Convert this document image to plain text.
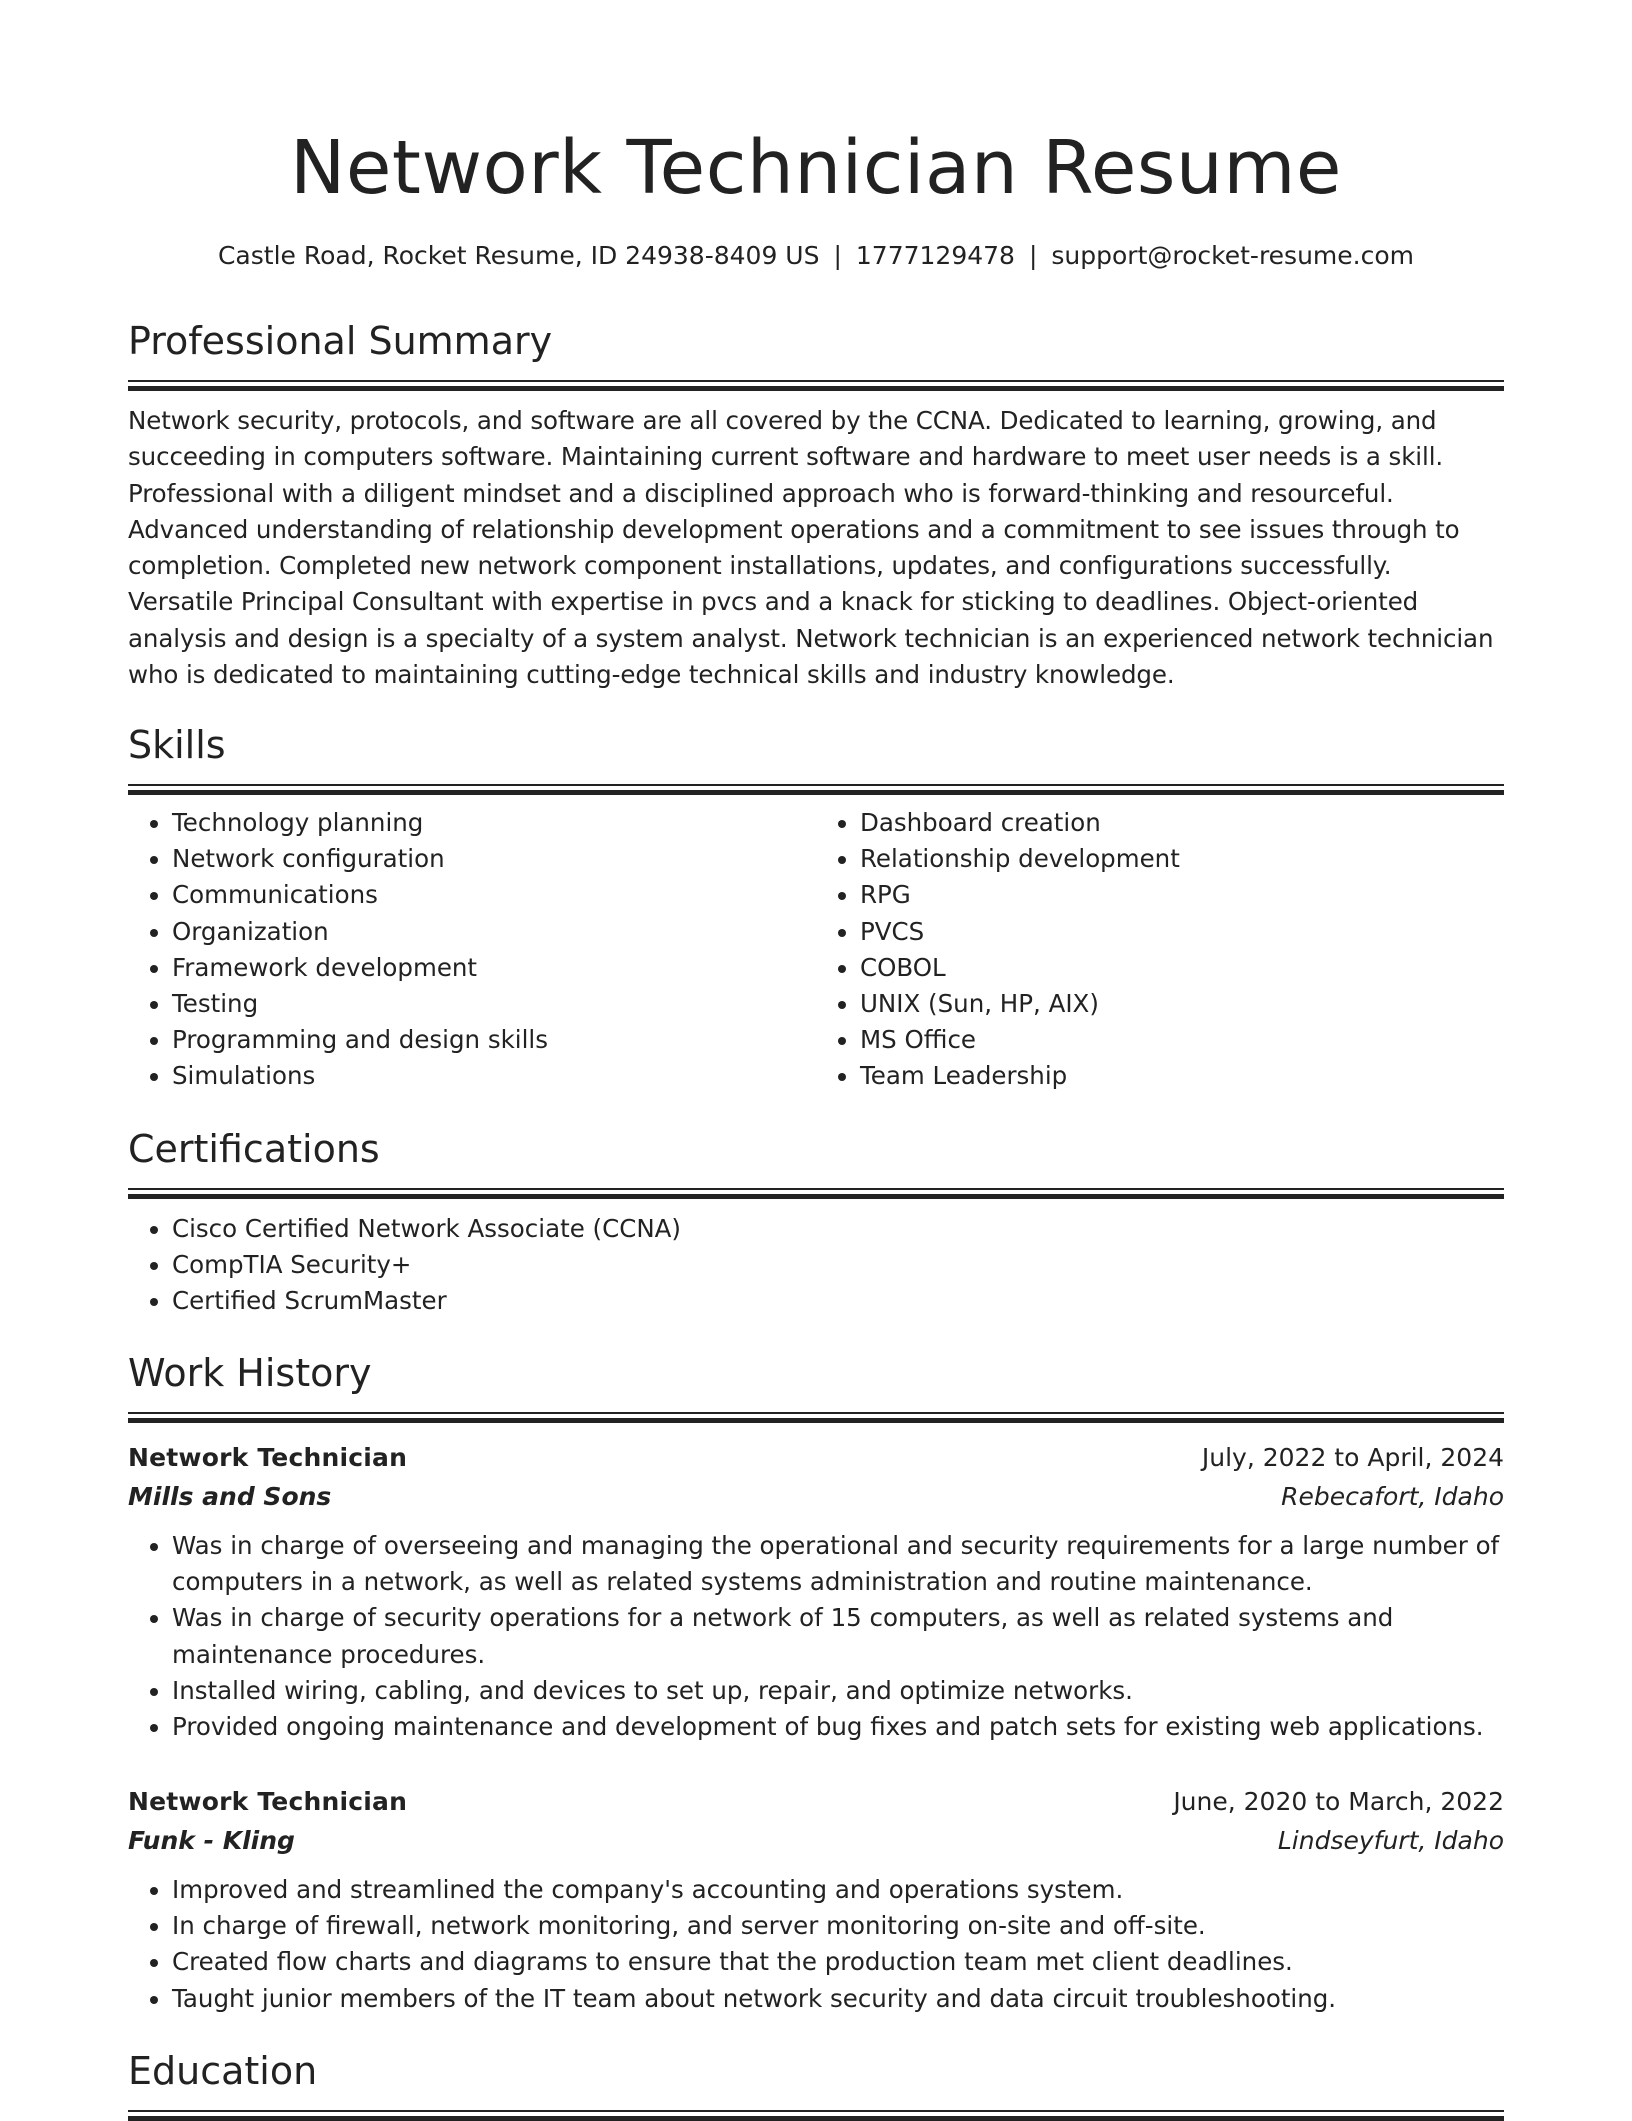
Network Technician Resume
Castle Road, Rocket Resume, ID 24938-8409 US | 1777129478 | support@rocket-resume.com
Professional Summary

Network security, protocols, and software are all covered by the CCNA. Dedicated to learning, growing, and succeeding in computers software. Maintaining current software and hardware to meet user needs is a skill. Professional with a diligent mindset and a disciplined approach who is forward-thinking and resourceful. Advanced understanding of relationship development operations and a commitment to see issues through to completion. Completed new network component installations, updates, and configurations successfully. Versatile Principal Consultant with expertise in pvcs and a knack for sticking to deadlines. Object-oriented analysis and design is a specialty of a system analyst. Network technician is an experienced network technician who is dedicated to maintaining cutting-edge technical skills and industry knowledge.

Skills
• Technology planning
• Network configuration
• Communications
• Organization
• Framework development
• Testing
• Programming and design skills
• Simulations
• Dashboard creation
• Relationship development
• RPG
• PVCS
• COBOL
• UNIX (Sun, HP, AIX)
• MS Office
• Team Leadership
Certifications
• Cisco Certified Network Associate (CCNA)
• CompTIA Security+
• Certified ScrumMaster
Work History
Network Technician	July, 2022 to April, 2024
Mills and Sons	Rebecafort, Idaho
• Was in charge of overseeing and managing the operational and security requirements for a large number of computers in a network, as well as related systems administration and routine maintenance.
• Was in charge of security operations for a network of 15 computers, as well as related systems and maintenance procedures.
• Installed wiring, cabling, and devices to set up, repair, and optimize networks.
• Provided ongoing maintenance and development of bug fixes and patch sets for existing web applications.
Network Technician	June, 2020 to March, 2022
Funk - Kling	Lindseyfurt, Idaho
• Improved and streamlined the company's accounting and operations system.
• In charge of firewall, network monitoring, and server monitoring on-site and off-site.
• Created flow charts and diagrams to ensure that the production team met client deadlines.
• Taught junior members of the IT team about network security and data circuit troubleshooting.
Education
